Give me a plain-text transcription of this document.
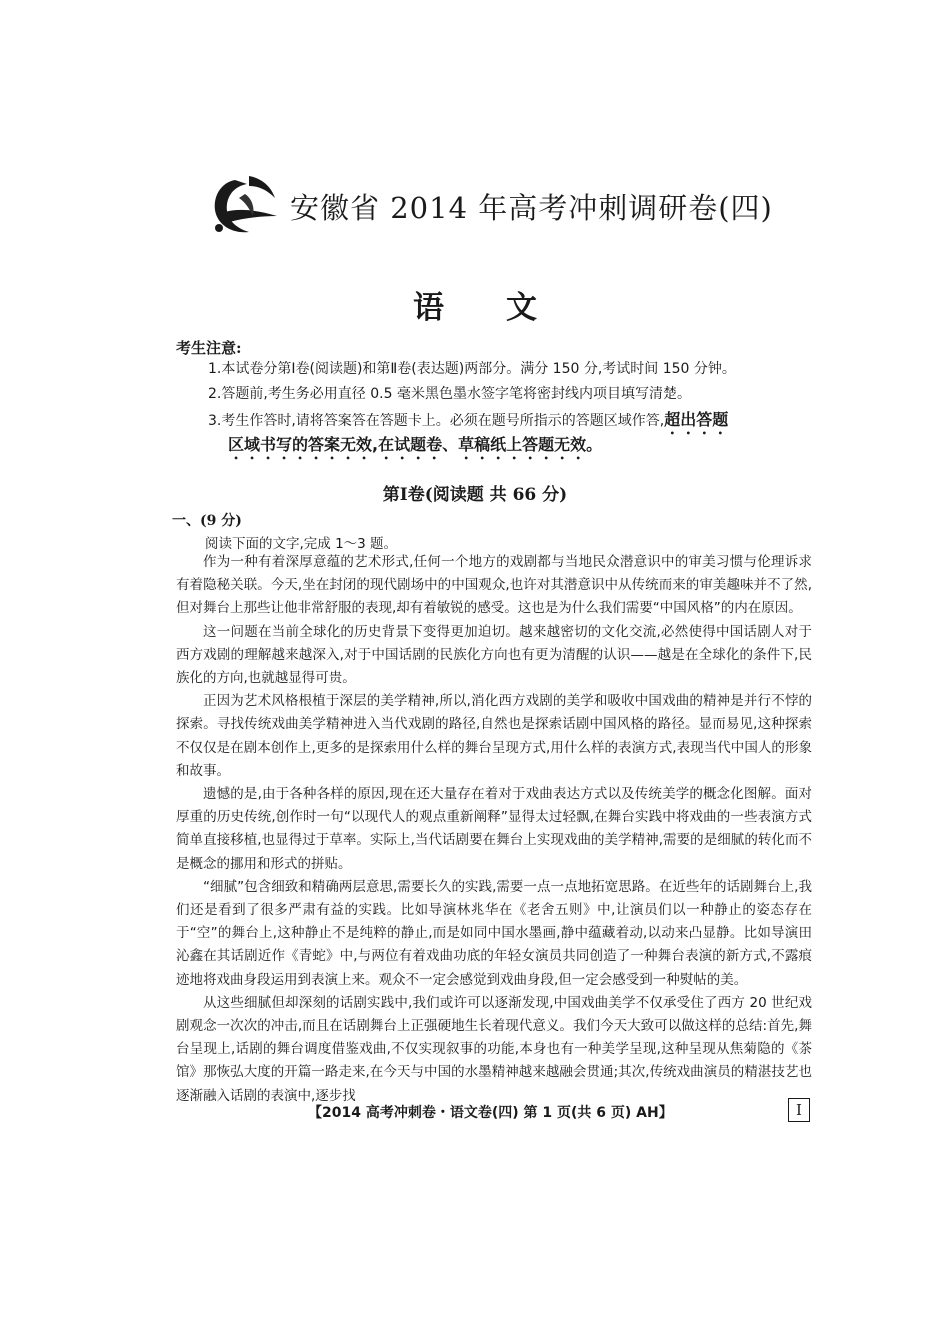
安徽省 2014 年高考冲刺调研卷(四)
语文
考生注意:
1.本试卷分第Ⅰ卷(阅读题)和第Ⅱ卷(表达题)两部分。满分 150 分,考试时间 150 分钟。
2.答题前,考生务必用直径 0.5 毫米黑色墨水签字笔将密封线内项目填写清楚。
3.考生作答时,请将答案答在答题卡上。必须在题号所指示的答题区域作答,超出答题
区域书写的答案无效,在试题卷、草稿纸上答题无效。
第Ⅰ卷(阅读题 共 66 分)
一、(9 分)
阅读下面的文字,完成 1～3 题。

作为一种有着深厚意蕴的艺术形式,任何一个地方的戏剧都与当地民众潜意识中的审美习惯与伦理诉求有着隐秘关联。今天,坐在封闭的现代剧场中的中国观众,也许对其潜意识中从传统而来的审美趣味并不了然,但对舞台上那些让他非常舒服的表现,却有着敏锐的感受。这也是为什么我们需要“中国风格”的内在原因。

这一问题在当前全球化的历史背景下变得更加迫切。越来越密切的文化交流,必然使得中国话剧人对于西方戏剧的理解越来越深入,对于中国话剧的民族化方向也有更为清醒的认识——越是在全球化的条件下,民族化的方向,也就越显得可贵。

正因为艺术风格根植于深层的美学精神,所以,消化西方戏剧的美学和吸收中国戏曲的精神是并行不悖的探索。寻找传统戏曲美学精神进入当代戏剧的路径,自然也是探索话剧中国风格的路径。显而易见,这种探索不仅仅是在剧本创作上,更多的是探索用什么样的舞台呈现方式,用什么样的表演方式,表现当代中国人的形象和故事。

遗憾的是,由于各种各样的原因,现在还大量存在着对于戏曲表达方式以及传统美学的概念化图解。面对厚重的历史传统,创作时一句“以现代人的观点重新阐释”显得太过轻飘,在舞台实践中将戏曲的一些表演方式简单直接移植,也显得过于草率。实际上,当代话剧要在舞台上实现戏曲的美学精神,需要的是细腻的转化而不是概念的挪用和形式的拼贴。

“细腻”包含细致和精确两层意思,需要长久的实践,需要一点一点地拓宽思路。在近些年的话剧舞台上,我们还是看到了很多严肃有益的实践。比如导演林兆华在《老舍五则》中,让演员们以一种静止的姿态存在于“空”的舞台上,这种静止不是纯粹的静止,而是如同中国水墨画,静中蕴藏着动,以动来凸显静。比如导演田沁鑫在其话剧近作《青蛇》中,与两位有着戏曲功底的年轻女演员共同创造了一种舞台表演的新方式,不露痕迹地将戏曲身段运用到表演上来。观众不一定会感觉到戏曲身段,但一定会感受到一种熨帖的美。

从这些细腻但却深刻的话剧实践中,我们或许可以逐渐发现,中国戏曲美学不仅承受住了西方 20 世纪戏剧观念一次次的冲击,而且在话剧舞台上正强硬地生长着现代意义。我们今天大致可以做这样的总结:首先,舞台呈现上,话剧的舞台调度借鉴戏曲,不仅实现叙事的功能,本身也有一种美学呈现,这种呈现从焦菊隐的《茶馆》那恢弘大度的开篇一路走来,在今天与中国的水墨精神越来越融会贯通;其次,传统戏曲演员的精湛技艺也逐渐融入话剧的表演中,逐步找

【2014 高考冲刺卷・语文卷(四) 第 1 页(共 6 页) AH】	Ⅰ
